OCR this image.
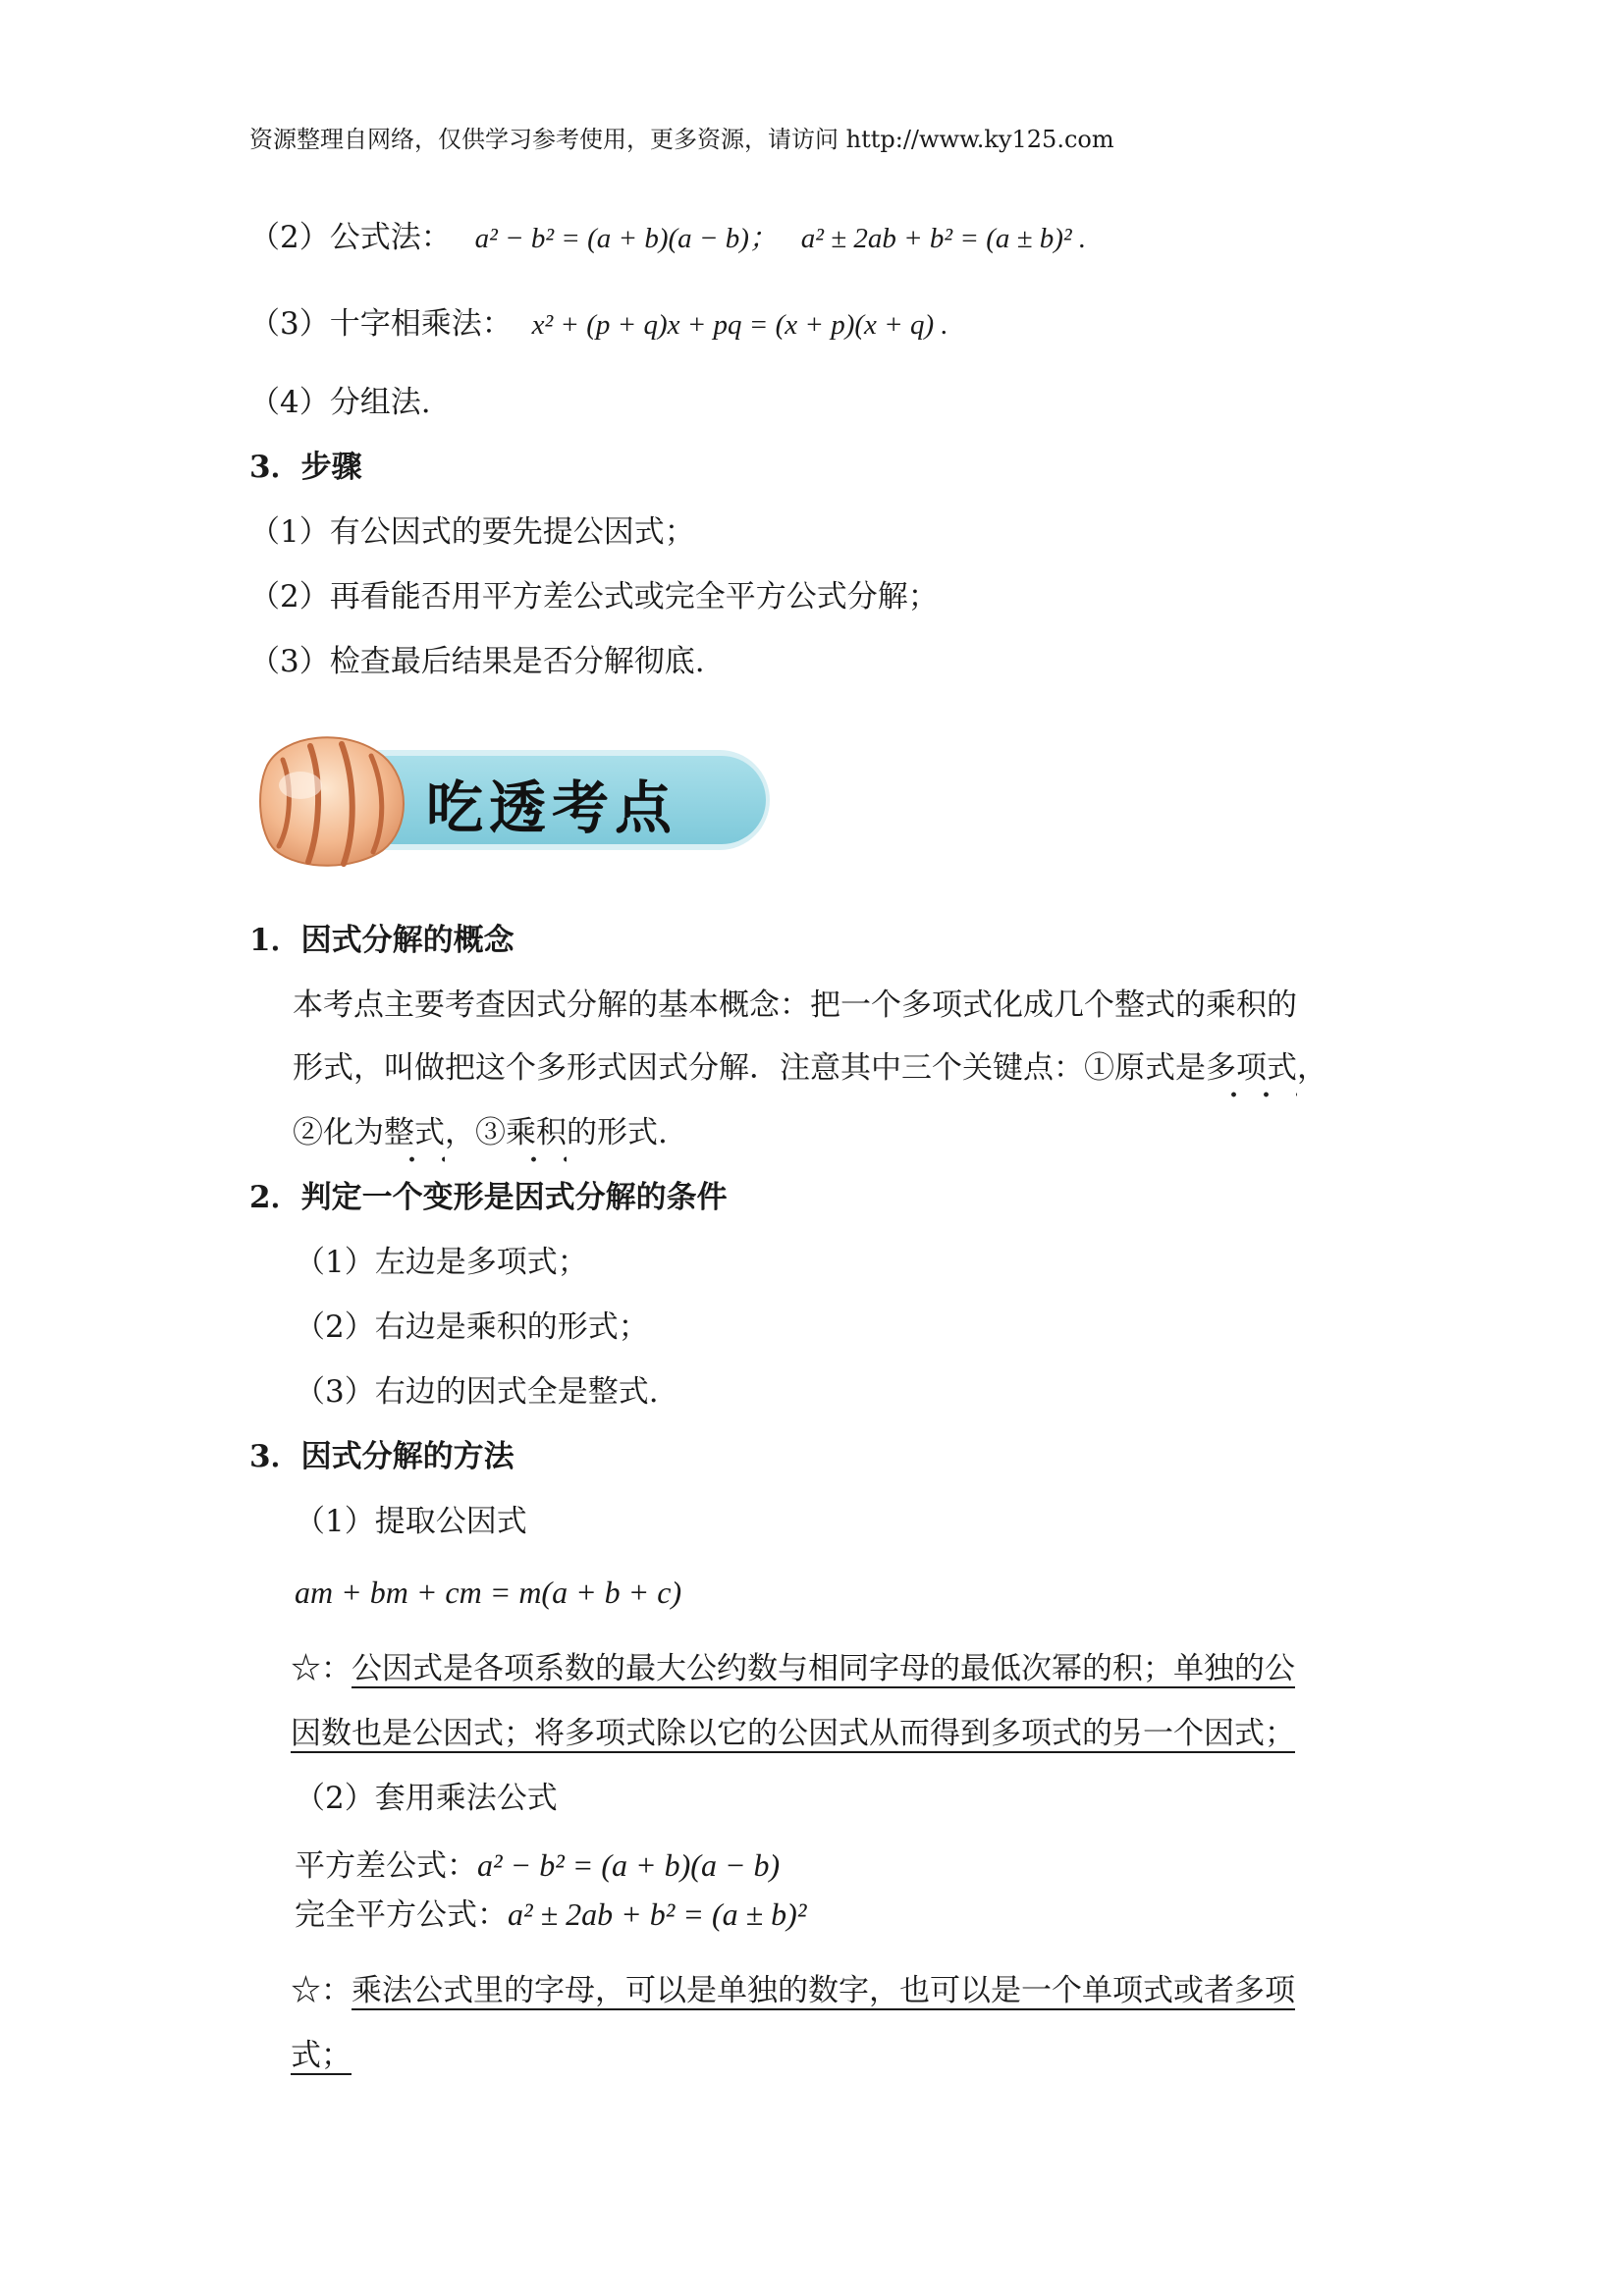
资源整理自网络，仅供学习参考使用，更多资源，请访问 http://www.ky125.com
（2）公式法： a² − b² = (a + b)(a − b)； a² ± 2ab + b² = (a ± b)² .
（3）十字相乘法： x² + (p + q)x + pq = (x + p)(x + q) .
（4）分组法.
3．步骤
（1）有公因式的要先提公因式；
（2）再看能否用平方差公式或完全平方公式分解；
（3）检查最后结果是否分解彻底.
吃透考点
1．因式分解的概念
本考点主要考查因式分解的基本概念：把一个多项式化成几个整式的乘积的
形式，叫做把这个多形式因式分解．注意其中三个关键点：①原式是多项式，
②化为整式，③乘积的形式.
2．判定一个变形是因式分解的条件
（1）左边是多项式；
（2）右边是乘积的形式；
（3）右边的因式全是整式.
3．因式分解的方法
（1）提取公因式
am + bm + cm = m(a + b + c)
☆：公因式是各项系数的最大公约数与相同字母的最低次幂的积；单独的公
因数也是公因式；将多项式除以它的公因式从而得到多项式的另一个因式；
（2）套用乘法公式
平方差公式：a² − b² = (a + b)(a − b)
完全平方公式：a² ± 2ab + b² = (a ± b)²
☆：乘法公式里的字母，可以是单独的数字，也可以是一个单项式或者多项
式；
